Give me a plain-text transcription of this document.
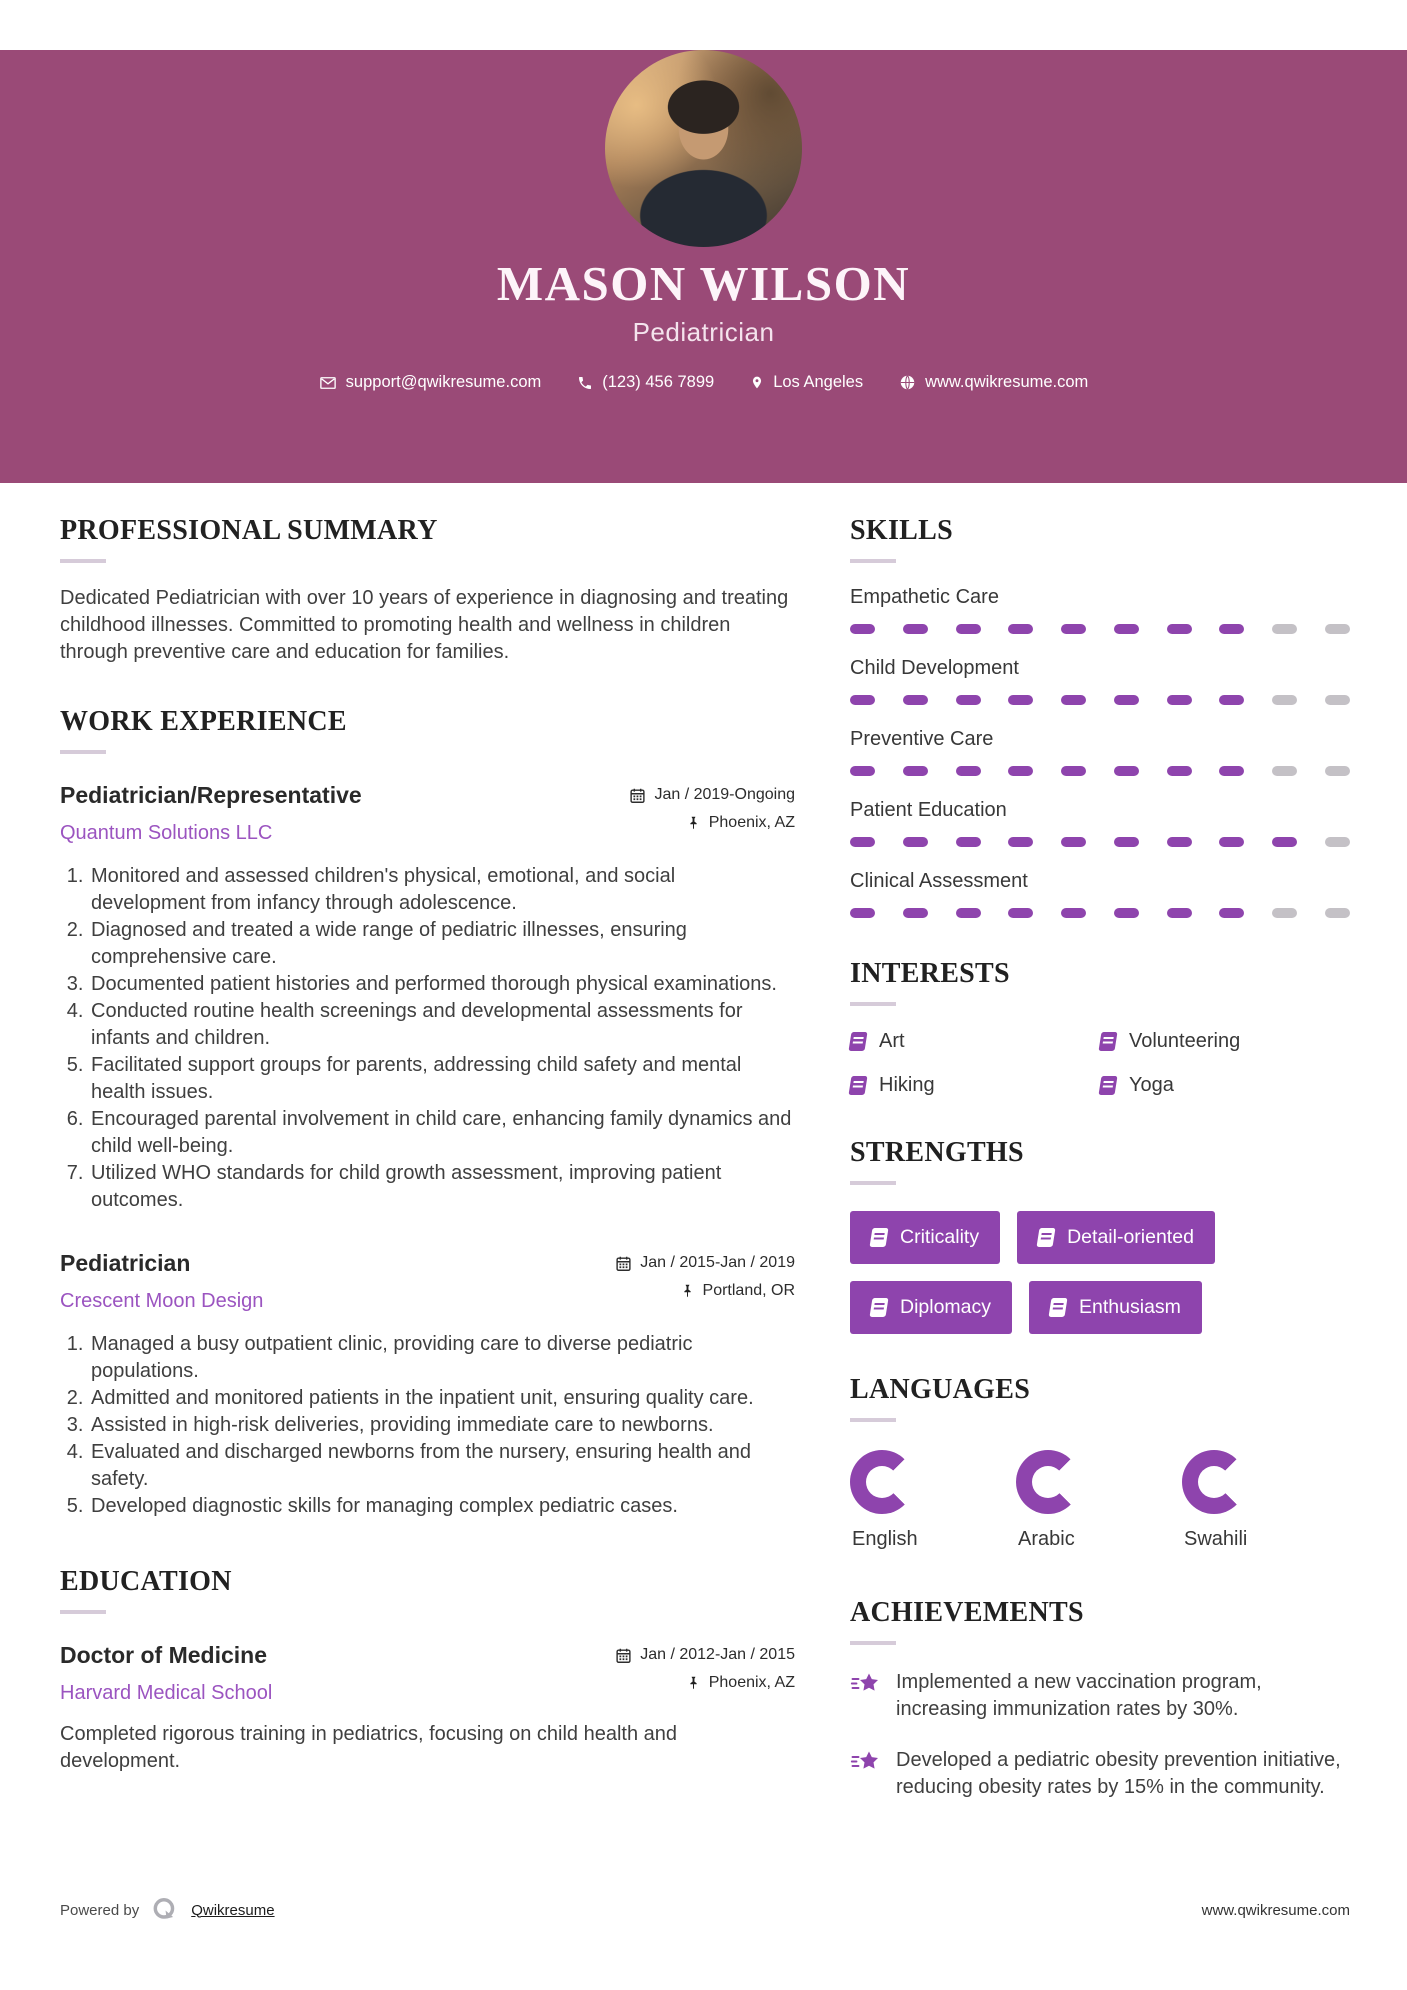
MASON WILSON
Pediatrician
support@qwikresume.com	(123) 456 7899	Los Angeles	www.qwikresume.com
PROFESSIONAL SUMMARY

Dedicated Pediatrician with over 10 years of experience in diagnosing and treating childhood illnesses. Committed to promoting health and wellness in children through preventive care and education for families.

WORK EXPERIENCE
Pediatrician/Representative
Quantum Solutions LLC
Jan / 2019-Ongoing
Phoenix, AZ
1. Monitored and assessed children's physical, emotional, and social development from infancy through adolescence.
2. Diagnosed and treated a wide range of pediatric illnesses, ensuring comprehensive care.
3. Documented patient histories and performed thorough physical examinations.
4. Conducted routine health screenings and developmental assessments for infants and children.
5. Facilitated support groups for parents, addressing child safety and mental health issues.
6. Encouraged parental involvement in child care, enhancing family dynamics and child well-being.
7. Utilized WHO standards for child growth assessment, improving patient outcomes.
Pediatrician
Crescent Moon Design
Jan / 2015-Jan / 2019
Portland, OR
1. Managed a busy outpatient clinic, providing care to diverse pediatric populations.
2. Admitted and monitored patients in the inpatient unit, ensuring quality care.
3. Assisted in high-risk deliveries, providing immediate care to newborns.
4. Evaluated and discharged newborns from the nursery, ensuring health and safety.
5. Developed diagnostic skills for managing complex pediatric cases.
EDUCATION
Doctor of Medicine
Harvard Medical School
Jan / 2012-Jan / 2015
Phoenix, AZ

Completed rigorous training in pediatrics, focusing on child health and development.

SKILLS
Empathetic Care
Child Development
Preventive Care
Patient Education
Clinical Assessment
INTERESTS
Art	Volunteering
Hiking	Yoga
STRENGTHS
Criticality	Detail-oriented
Diplomacy	Enthusiasm
LANGUAGES
English	Arabic	Swahili
ACHIEVEMENTS
Implemented a new vaccination program, increasing immunization rates by 30%.
Developed a pediatric obesity prevention initiative, reducing obesity rates by 15% in the community.
Powered by	Qwikresume	www.qwikresume.com
